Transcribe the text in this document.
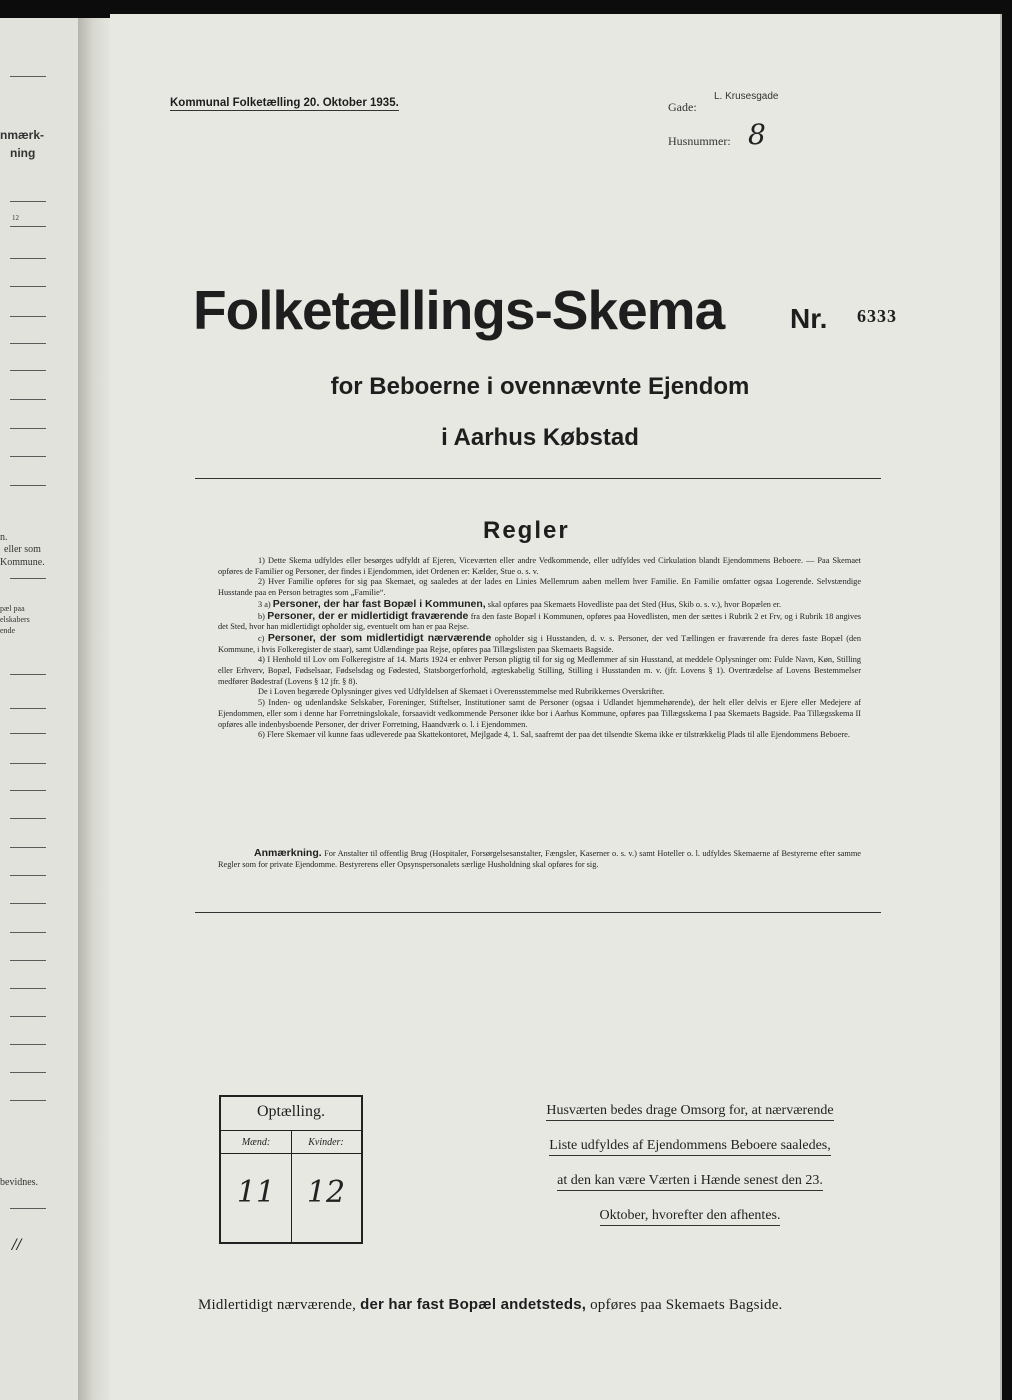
nmærk-
ning
12
n.
eller som
Kommune.
pæl paa
elskabers
ende
bevidnes.
//
Kommunal Folketælling 20. Oktober 1935.	Gade:
L. Krusesgade
Husnummer: 8
Folketællings-Skema Nr. 6333
for Beboerne i ovennævnte Ejendom
i Aarhus Købstad
Regler

1) Dette Skema udfyldes eller besørges udfyldt af Ejeren, Viceværten eller andre Vedkommende, eller udfyldes ved Cirkulation blandt Ejendommens Beboere. — Paa Skemaet opføres de Familier og Personer, der findes i Ejendommen, idet Ordenen er: Kælder, Stue o. s. v.

2) Hver Familie opføres for sig paa Skemaet, og saaledes at der lades en Linies Mellemrum aaben mellem hver Familie. En Familie omfatter ogsaa Logerende. Selvstændige Husstande paa en Person betragtes som „Familie“.

3 a) Personer, der har fast Bopæl i Kommunen, skal opføres paa Skemaets Hovedliste paa det Sted (Hus, Skib o. s. v.), hvor Bopælen er.

b) Personer, der er midlertidigt fraværende fra den faste Bopæl i Kommunen, opføres paa Hovedlisten, men der sættes i Rubrik 2 et Frv, og i Rubrik 18 angives det Sted, hvor han midlertidigt opholder sig, eventuelt om han er paa Rejse.

c) Personer, der som midlertidigt nærværende opholder sig i Husstanden, d. v. s. Personer, der ved Tællingen er fraværende fra deres faste Bopæl (den Kommune, i hvis Folkeregister de staar), samt Udlændinge paa Rejse, opføres paa Tillægslisten paa Skemaets Bagside.

4) I Henhold til Lov om Folkeregistre af 14. Marts 1924 er enhver Person pligtig til for sig og Medlemmer af sin Husstand, at meddele Oplysninger om: Fulde Navn, Køn, Stilling eller Erhverv, Bopæl, Fødselsaar, Fødselsdag og Fødested, Statsborgerforhold, ægteskabelig Stilling, Stilling i Husstanden m. v. (jfr. Lovens § 1). Overtrædelse af Lovens Bestemmelser medfører Bødestraf (Lovens § 12 jfr. § 8).

De i Loven begærede Oplysninger gives ved Udfyldelsen af Skemaet i Overensstemmelse med Rubrikkernes Overskrifter.

5) Inden- og udenlandske Selskaber, Foreninger, Stiftelser, Institutioner samt de Personer (ogsaa i Udlandet hjemmehørende), der helt eller delvis er Ejere eller Medejere af Ejendommen, eller som i denne har Forretningslokale, forsaavidt vedkommende Personer ikke bor i Aarhus Kommune, opføres paa Tillægsskema I paa Skemaets Bagside. Paa Tillægsskema II opføres alle indenbysboende Personer, der driver Forretning, Haandværk o. l. i Ejendommen.

6) Flere Skemaer vil kunne faas udleverede paa Skattekontoret, Mejlgade 4, 1. Sal, saafremt der paa det tilsendte Skema ikke er tilstrækkelig Plads til alle Ejendommens Beboere.

Anmærkning. For Anstalter til offentlig Brug (Hospitaler, Forsørgelsesanstalter, Fængsler, Kaserner o. s. v.) samt Hoteller o. l. udfyldes Skemaerne af Bestyrerne efter samme Regler som for private Ejendomme. Bestyrerens eller Opsynspersonalets særlige Husholdning skal opføres for sig.
Optælling.
Mænd:	Kvinder:
11	12
Husværten bedes drage Omsorg for, at nærværende
Liste udfyldes af Ejendommens Beboere saaledes,
at den kan være Værten i Hænde senest den 23.
Oktober, hvorefter den afhentes.
Midlertidigt nærværende, der har fast Bopæl andetsteds, opføres paa Skemaets Bagside.
